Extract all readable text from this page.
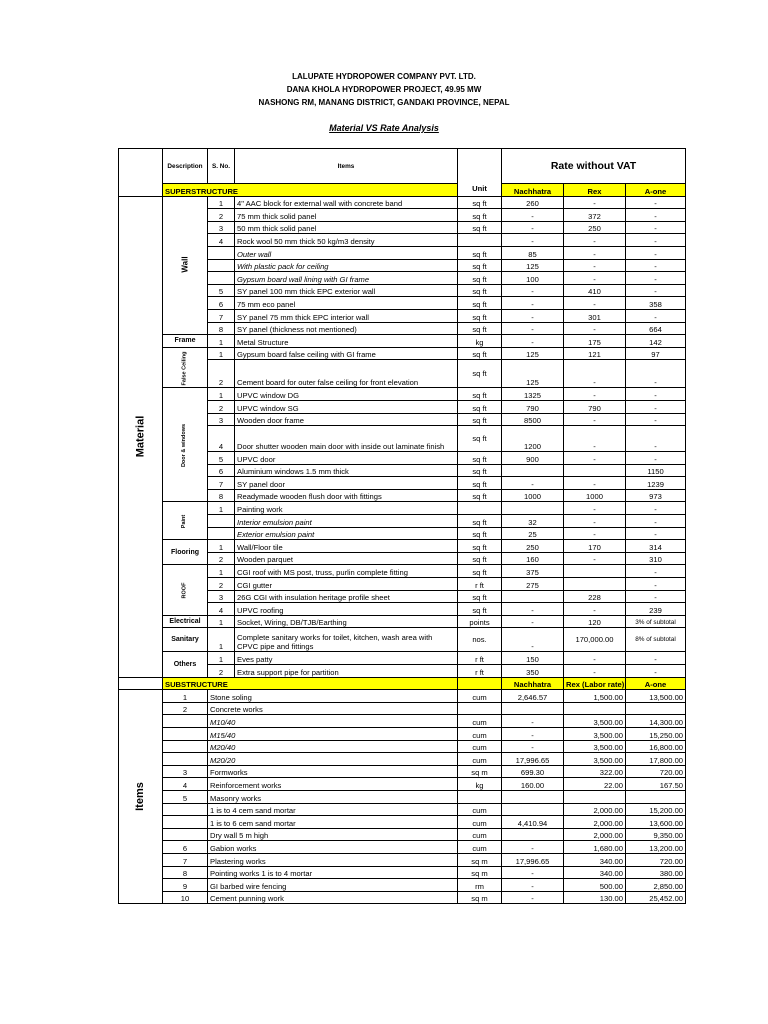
LALUPATE HYDROPOWER COMPANY PVT. LTD.
DANA KHOLA HYDROPOWER PROJECT, 49.95 MW
NASHONG RM, MANANG DISTRICT, GANDAKI PROVINCE, NEPAL
Material VS Rate Analysis
	Description	S. No.	Items	Unit	Rate without VAT		
	SUPERSTRUCTURE				Nachhatra	Rex	A-one
Material	Wall	1	4" AAC block for external wall with concrete band	sq ft	260	-	-
		2	75 mm thick solid panel	sq ft	-	372	-
		3	50 mm thick solid panel	sq ft	-	250	-
		4	Rock wool 50 mm thick 50 kg/m3 density		-	-	-
			Outer wall	sq ft	85	-	-
			With plastic pack for ceiling	sq ft	125	-	-
			Gypsum board wall lining with GI frame	sq ft	100	-	-
		5	SY panel 100 mm thick EPC exterior wall	sq ft	-	410	-
		6	75 mm eco panel	sq ft	-	-	358
		7	SY panel 75 mm thick EPC interior wall	sq ft	-	301	-
		8	SY panel (thickness not mentioned)	sq ft	-	-	664
	Frame	1	Metal Structure	kg	-	175	142
	False Ceiling	1	Gypsum board false ceiling with GI frame	sq ft	125	121	97
		2	Cement board for outer false ceiling for front elevation	sq ft	125	-	-
	Door & windows	1	UPVC window DG	sq ft	1325	-	-
		2	UPVC window SG	sq ft	790	790	-
		3	Wooden door frame	sq ft	8500	-	-
		4	Door shutter wooden main door with inside out laminate finish	sq ft	1200	-	-
		5	UPVC door	sq ft	900	-	-
		6	Aluminium windows 1.5 mm thick	sq ft			1150
		7	SY panel door	sq ft	-	-	1239
		8	Readymade wooden flush door with fittings	sq ft	1000	1000	973
	Paint	1	Painting work			-	-
			Interior emulsion paint	sq ft	32	-	-
			Exterior emulsion paint	sq ft	25	-	-
	Flooring	1	Wall/Floor tile	sq ft	250	170	314
		2	Wooden parquet	sq ft	160	-	310
	ROOF	1	CGI roof with MS post, truss, purlin complete fitting	sq ft	375		-
		2	CGI gutter	r ft	275		-
		3	26G CGI with insulation heritage profile sheet	sq ft		228	-
		4	UPVC roofing	sq ft	-	-	239
	Electrical	1	Socket, Wiring, DB/TJB/Earthing	points	-	120	3% of subtotal
	Sanitary	1	Complete sanitary works for toilet, kitchen, wash area with CPVC pipe and fittings	nos.	-	170,000.00	8% of subtotal
	Others	1	Eves patty	r ft	150	-	-
		2	Extra support pipe for partition	r ft	350	-	-
	SUBSTRUCTURE				Nachhatra	Rex (Labor rate)	A-one
Items	1	Stone soling		cum	2,646.57	1,500.00	13,500.00
	2	Concrete works					
		M10/40		cum	-	3,500.00	14,300.00
		M15/40		cum	-	3,500.00	15,250.00
		M20/40		cum	-	3,500.00	16,800.00
		M20/20		cum	17,996.65	3,500.00	17,800.00
	3	Formworks		sq m	699.30	322.00	720.00
	4	Reinforcement works		kg	160.00	22.00	167.50
	5	Masonry works					
		1 is to 4 cem sand mortar		cum		2,000.00	15,200.00
		1 is to 6 cem sand mortar		cum	4,410.94	2,000.00	13,600.00
		Dry wall 5 m high		cum		2,000.00	9,350.00
	6	Gabion works		cum	-	1,680.00	13,200.00
	7	Plastering works		sq m	17,996.65	340.00	720.00
	8	Pointing works 1 is to 4 mortar		sq m	-	340.00	380.00
	9	GI barbed wire fencing		rm	-	500.00	2,850.00
	10	Cement punning work		sq m	-	130.00	25,452.00
